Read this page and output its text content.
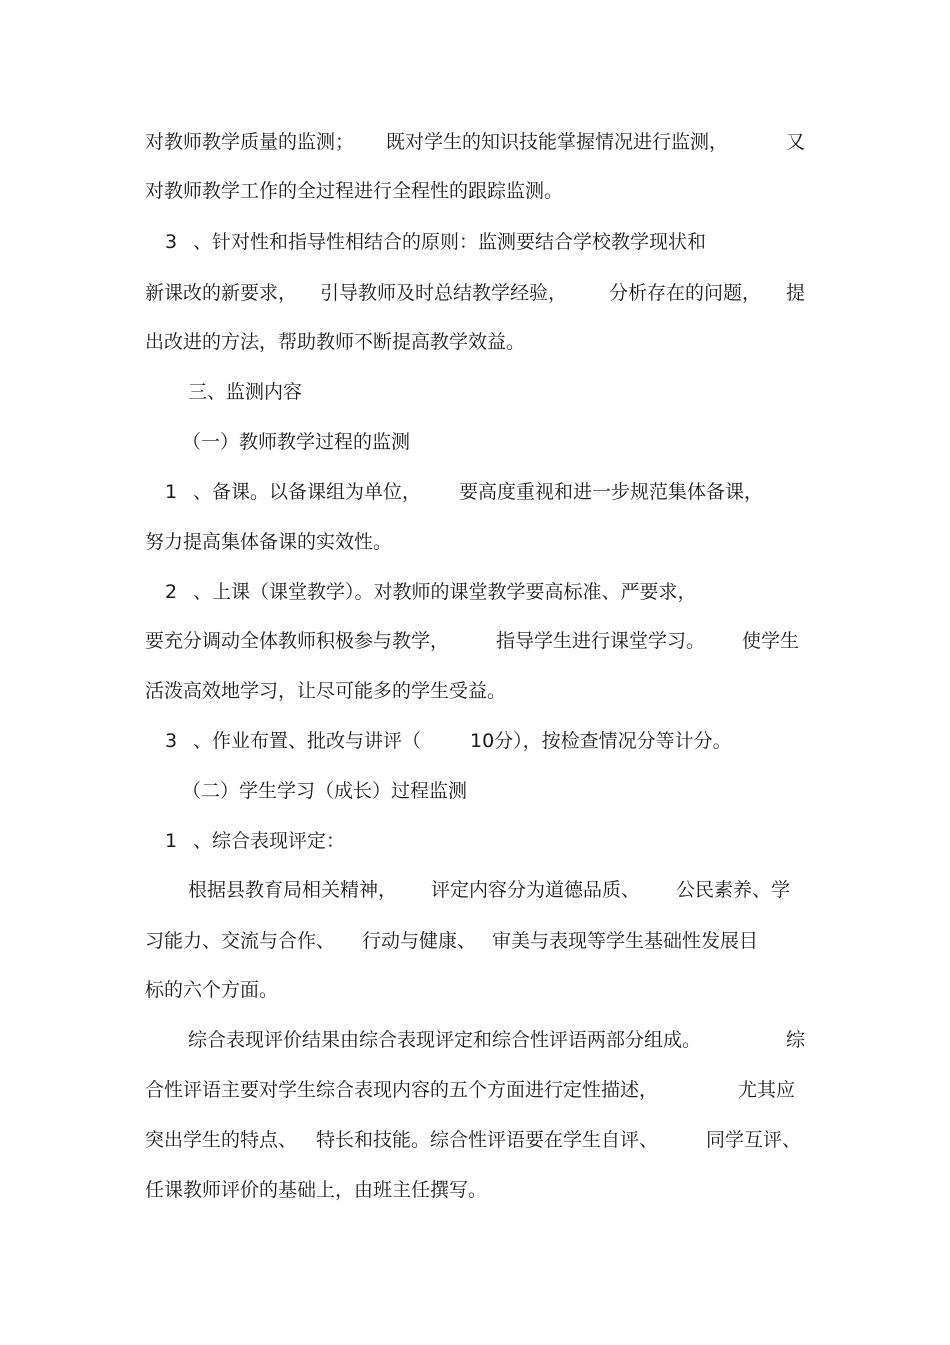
对教师教学质量的监测；

既对学生的知识技能掌握情况进行监测，

	又

对教师教学工作的全过程进行全程性的跟踪监测。

3

、针对性和指导性相结合的原则：监测要结合学校教学现状和

新课改的新要求，

引导教师及时总结教学经验，

分析存在的问题，

提

出改进的方法，帮助教师不断提高教学效益。

三、监测内容

（一）教师教学过程的监测

1

、备课。以备课组为单位，

要高度重视和进一步规范集体备课，

努力提高集体备课的实效性。

2

、上课（课堂教学）。对教师的课堂教学要高标准、严要求，

要充分调动全体教师积极参与教学，

指导学生进行课堂学习。

使学生

活泼高效地学习，让尽可能多的学生受益。

3

、作业布置、批改与讲评（

	10分），按检查情况分等计分。

（二）学生学习（成长）过程监测

1

、综合表现评定：

根据县教育局相关精神，

评定内容分为道德品质、

公民素养、学

习能力、交流与合作、

行动与健康、

审美与表现等学生基础性发展目

标的六个方面。

综合表现评价结果由综合表现评定和综合性评语两部分组成。

	综

合性评语主要对学生综合表现内容的五个方面进行定性描述，

	尤其应

突出学生的特点、

特长和技能。综合性评语要在学生自评、

	同学互评、

任课教师评价的基础上，由班主任撰写。
